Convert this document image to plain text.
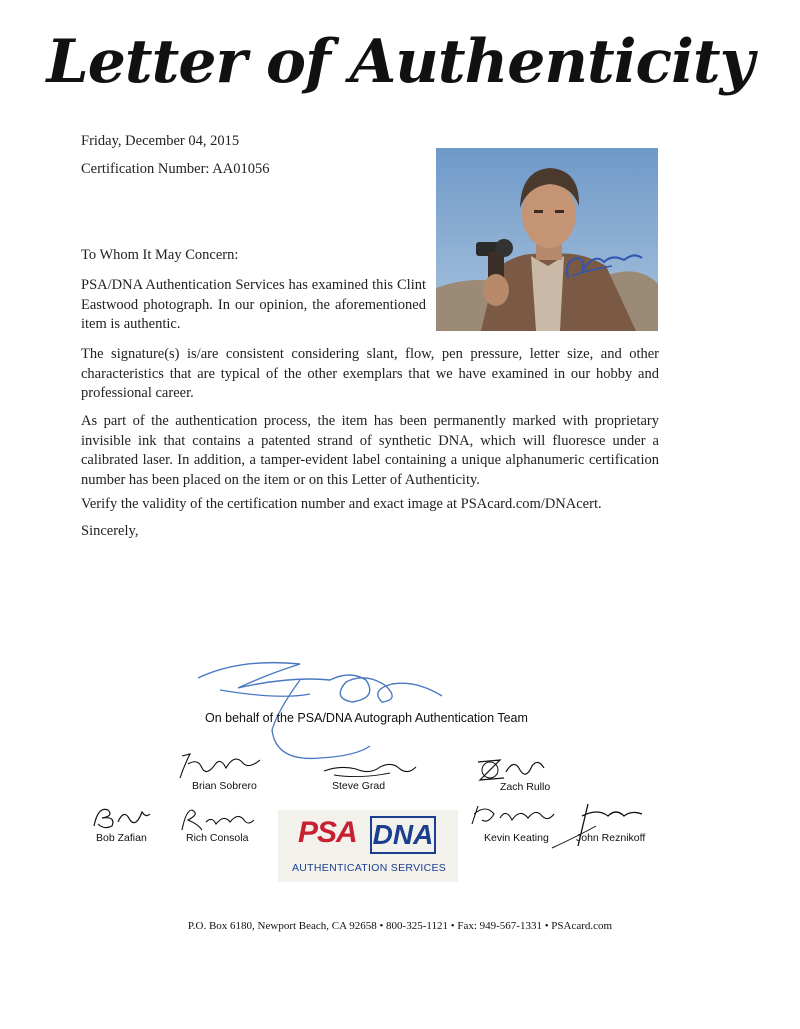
Letter of Authenticity
Friday, December 04, 2015
Certification Number: AA01056
To Whom It May Concern:
PSA/DNA Authentication Services has examined this Clint Eastwood photograph. In our opinion, the aforementioned item is authentic.
The signature(s) is/are consistent considering slant, flow, pen pressure, letter size, and other characteristics that are typical of the other exemplars that we have examined in our hobby and professional career.
As part of the authentication process, the item has been permanently marked with proprietary invisible ink that contains a patented strand of synthetic DNA, which will fluoresce under a calibrated laser. In addition, a tamper-evident label containing a unique alphanumeric certification number has been placed on the item or on this Letter of Authenticity.
Verify the validity of the certification number and exact image at PSAcard.com/DNAcert.
Sincerely,
On behalf of the PSA/DNA Autograph Authentication Team
Brian Sobrero	Steve Grad	Zach Rullo
Bob Zafian	Rich Consola PSA DNA
AUTHENTICATION SERVICES
Kevin Keating	John Reznikoff
P.O. Box 6180, Newport Beach, CA 92658 • 800-325-1121 • Fax: 949-567-1331 • PSAcard.com
